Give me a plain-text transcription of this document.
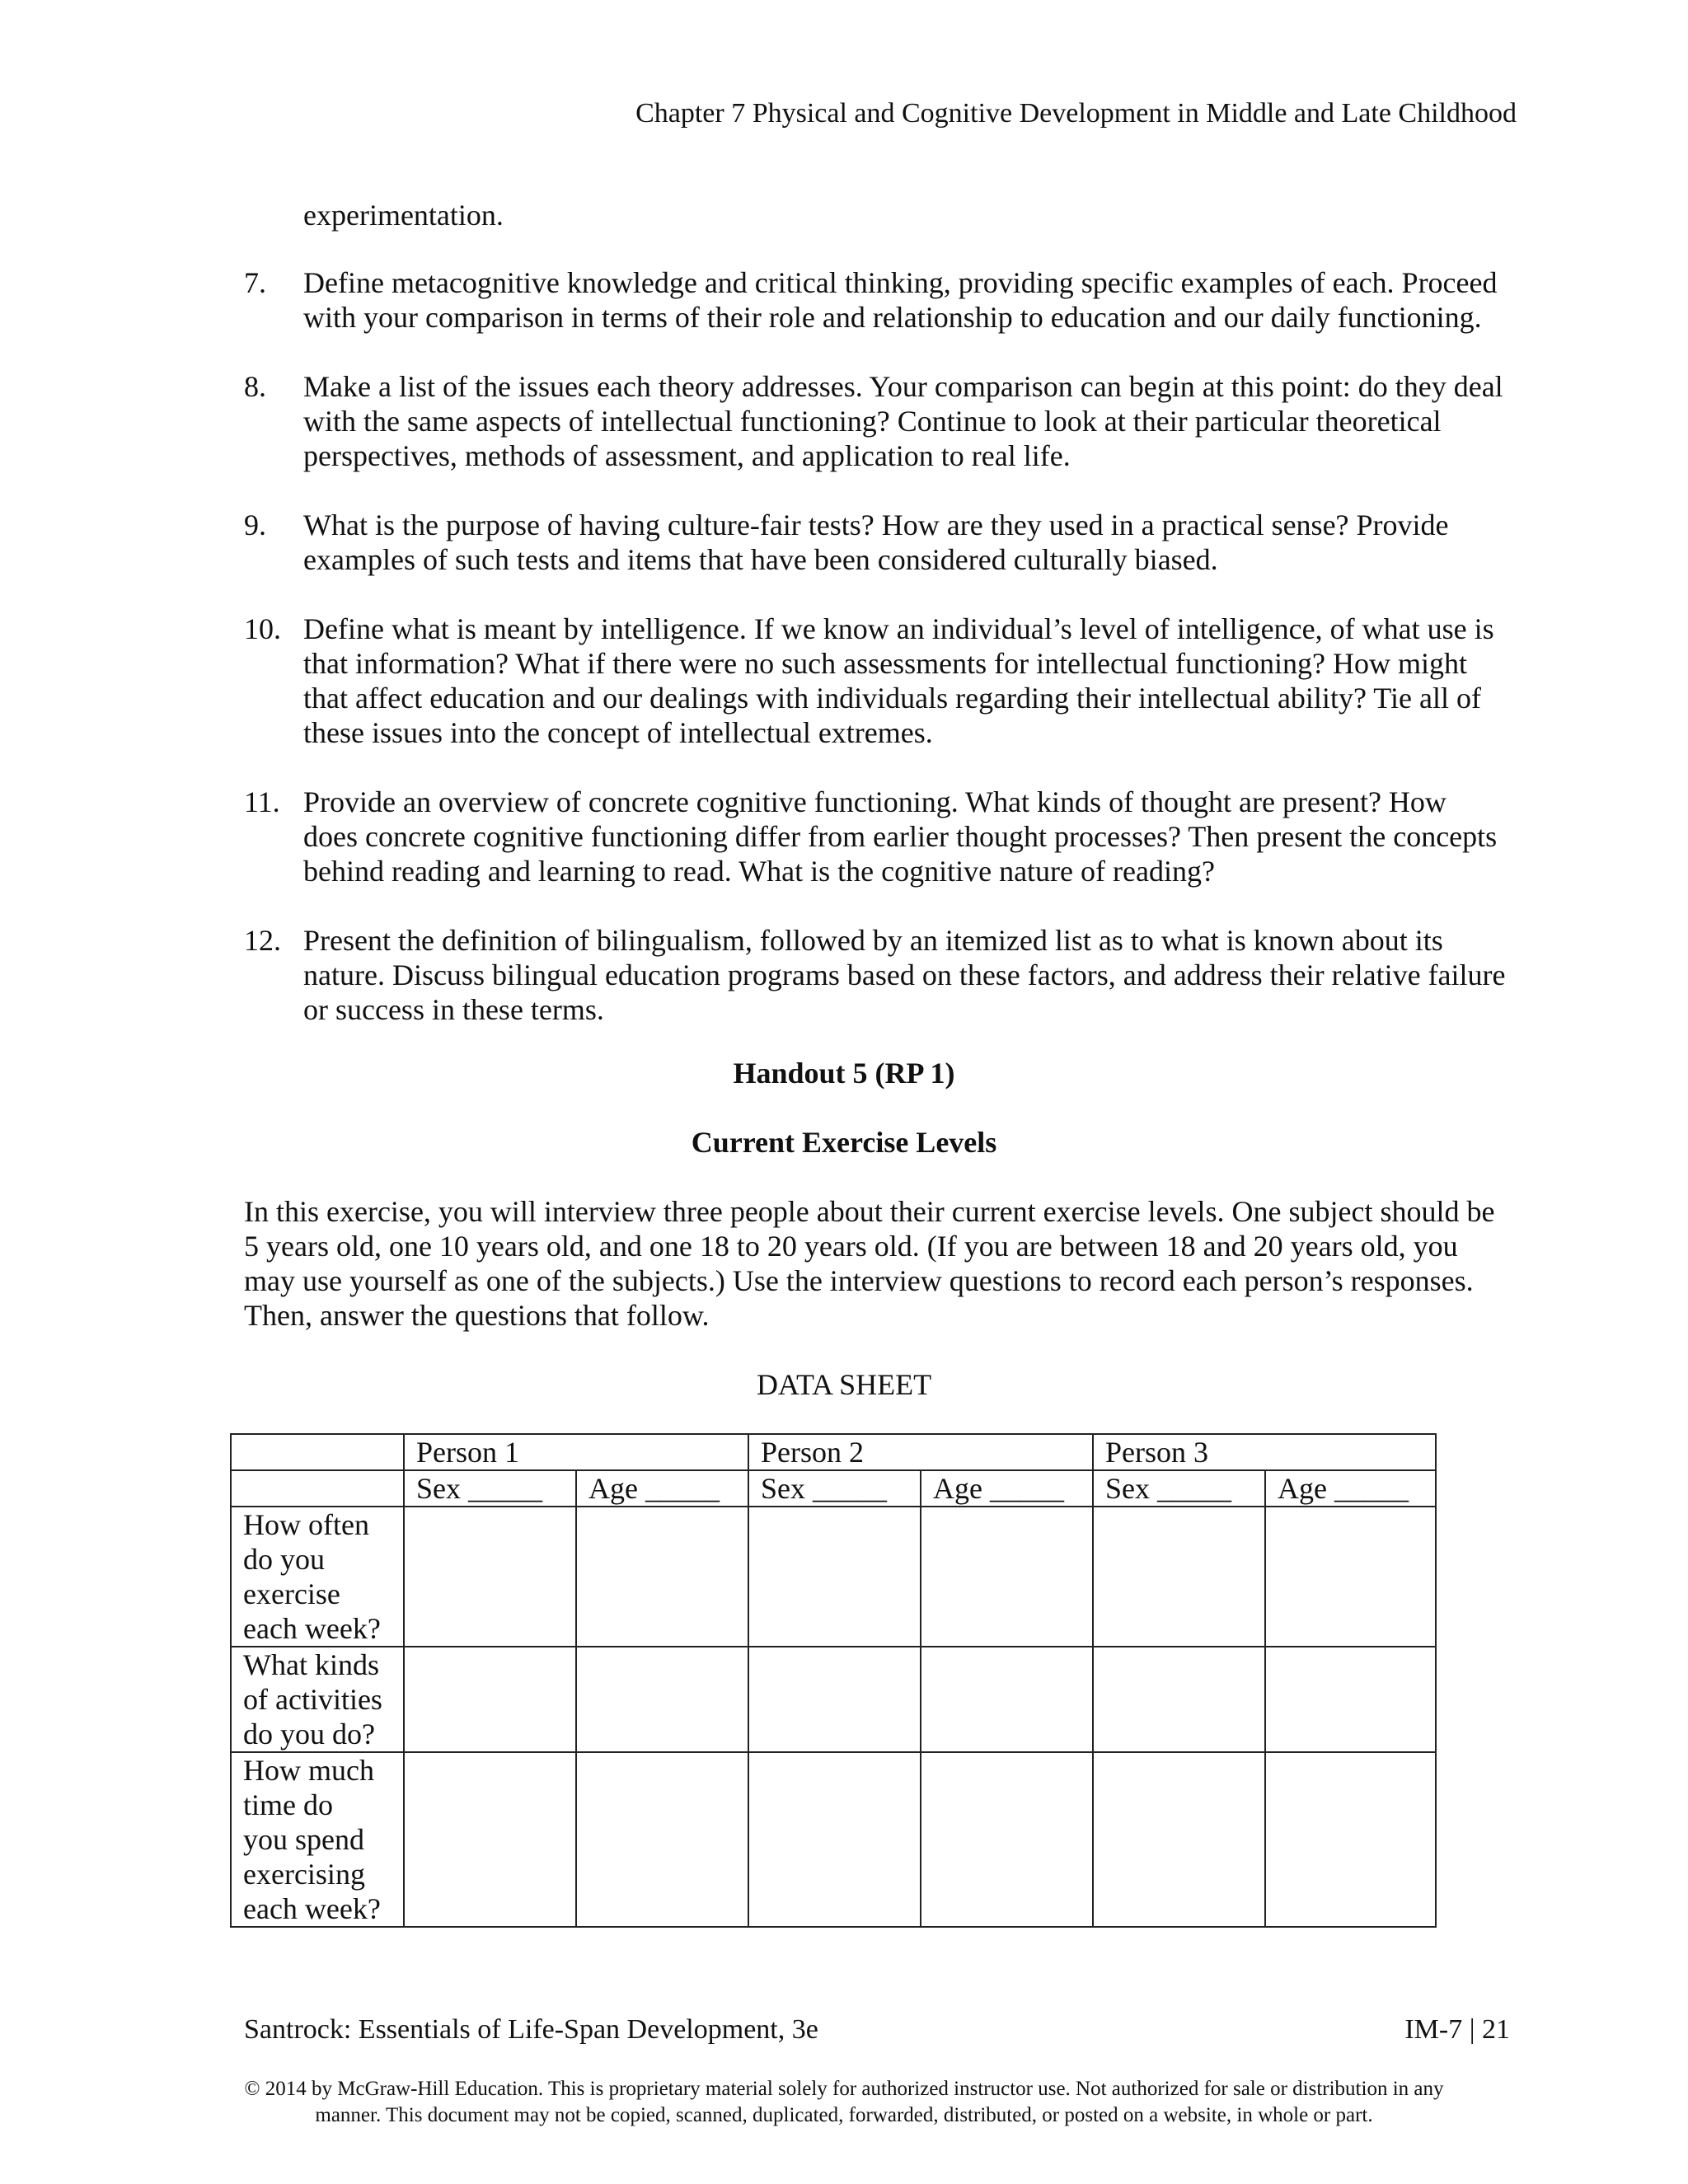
Chapter 7 Physical and Cognitive Development in Middle and Late Childhood
experimentation.
7.	Define metacognitive knowledge and critical thinking, providing specific examples of each. Proceed
with your comparison in terms of their role and relationship to education and our daily functioning.
8.	Make a list of the issues each theory addresses. Your comparison can begin at this point: do they deal
with the same aspects of intellectual functioning? Continue to look at their particular theoretical
perspectives, methods of assessment, and application to real life.
9.	What is the purpose of having culture-fair tests? How are they used in a practical sense? Provide
examples of such tests and items that have been considered culturally biased.
10. Define what is meant by intelligence. If we know an individual’s level of intelligence, of what use is
that information? What if there were no such assessments for intellectual functioning? How might
that affect education and our dealings with individuals regarding their intellectual ability? Tie all of
these issues into the concept of intellectual extremes.
11. Provide an overview of concrete cognitive functioning. What kinds of thought are present? How
does concrete cognitive functioning differ from earlier thought processes? Then present the concepts
behind reading and learning to read. What is the cognitive nature of reading?
12. Present the definition of bilingualism, followed by an itemized list as to what is known about its
nature. Discuss bilingual education programs based on these factors, and address their relative failure
or success in these terms.
Handout 5 (RP 1)
Current Exercise Levels
In this exercise, you will interview three people about their current exercise levels. One subject should be
5 years old, one 10 years old, and one 18 to 20 years old. (If you are between 18 and 20 years old, you
may use yourself as one of the subjects.) Use the interview questions to record each person’s responses.
Then, answer the questions that follow.
DATA SHEET
	Person 1		Person 2		Person 3	
	Sex _____	Age _____	Sex _____	Age _____	Sex _____	Age _____

How often
do you
exercise
each week?						

What kinds
of activities
do you do?						

How much
time do
you spend
exercising
each week?						

Santrock: Essentials of Life-Span Development, 3e	IM-7 | 21
© 2014 by McGraw-Hill Education. This is proprietary material solely for authorized instructor use. Not authorized for sale or distribution in any
manner. This document may not be copied, scanned, duplicated, forwarded, distributed, or posted on a website, in whole or part.
